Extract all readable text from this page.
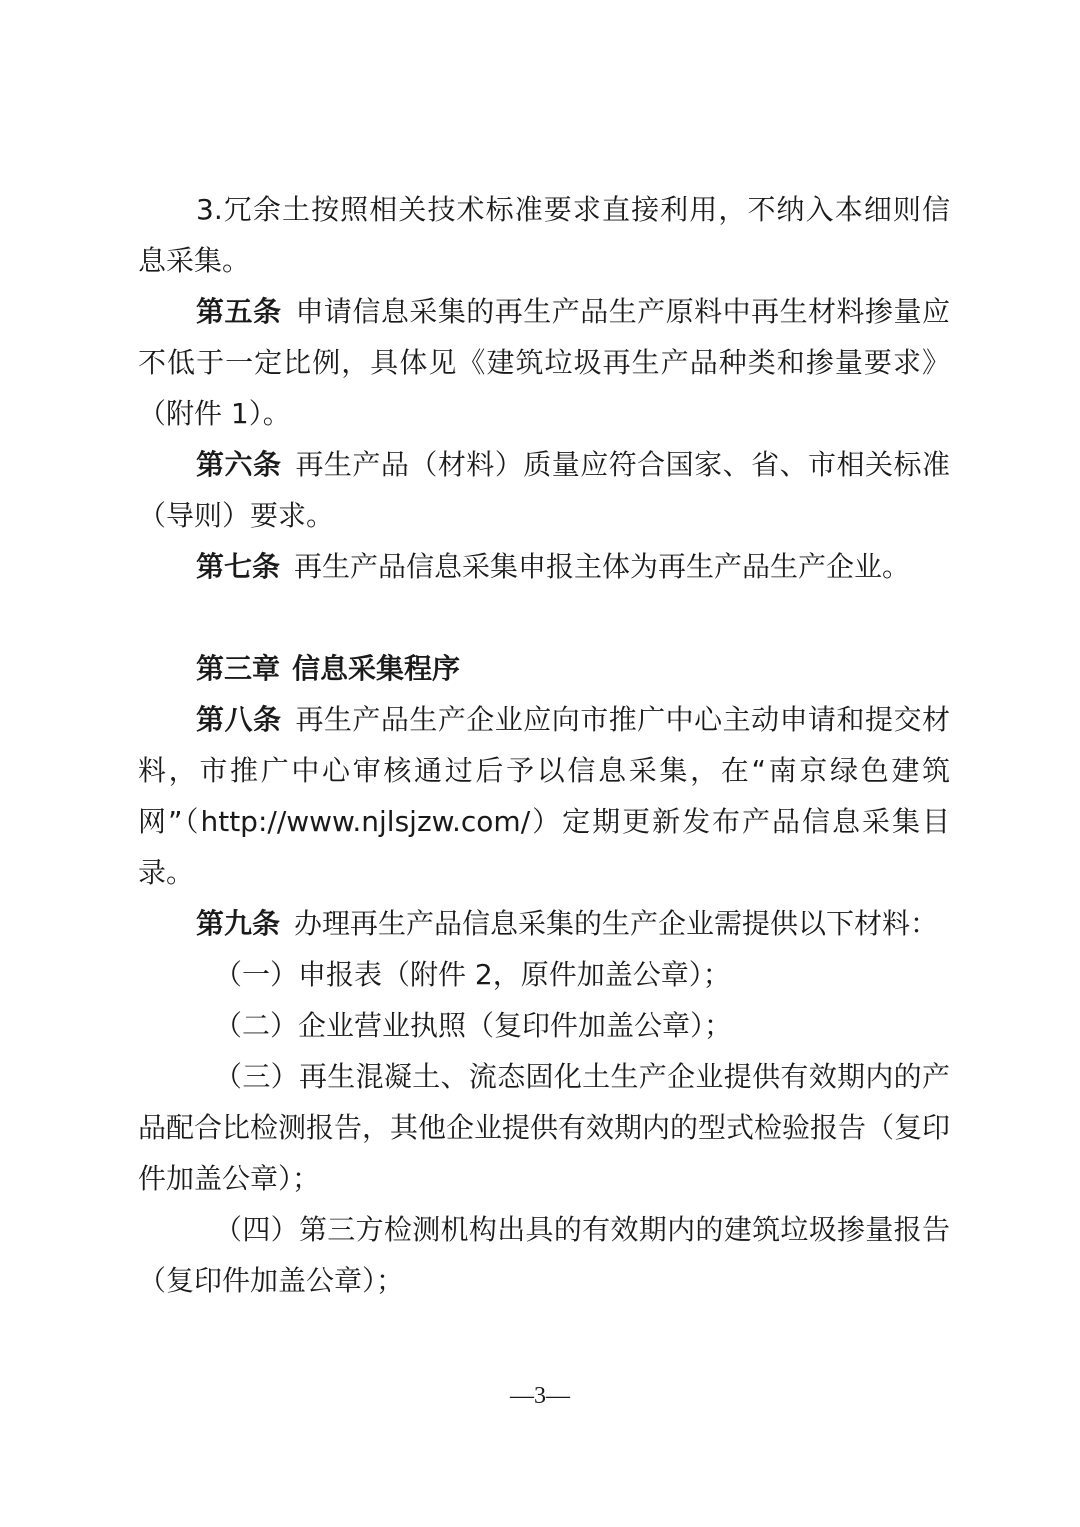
3.冗余土按照相关技术标准要求直接利用，不纳入本细则信息采集。

第五条 申请信息采集的再生产品生产原料中再生材料掺量应不低于一定比例，具体见《建筑垃圾再生产品种类和掺量要求》（附件 1）。

第六条 再生产品（材料）质量应符合国家、省、市相关标准（导则）要求。

第七条 再生产品信息采集申报主体为再生产品生产企业。

第三章 信息采集程序

第八条 再生产品生产企业应向市推广中心主动申请和提交材料，市推广中心审核通过后予以信息采集，在“南京绿色建筑网”（http://www.njlsjzw.com/）定期更新发布产品信息采集目录。

第九条 办理再生产品信息采集的生产企业需提供以下材料：

（一）申报表（附件 2，原件加盖公章）；

（二）企业营业执照（复印件加盖公章）；

（三）再生混凝土、流态固化土生产企业提供有效期内的产品配合比检测报告，其他企业提供有效期内的型式检验报告（复印件加盖公章）；

（四）第三方检测机构出具的有效期内的建筑垃圾掺量报告（复印件加盖公章）；

—3—
